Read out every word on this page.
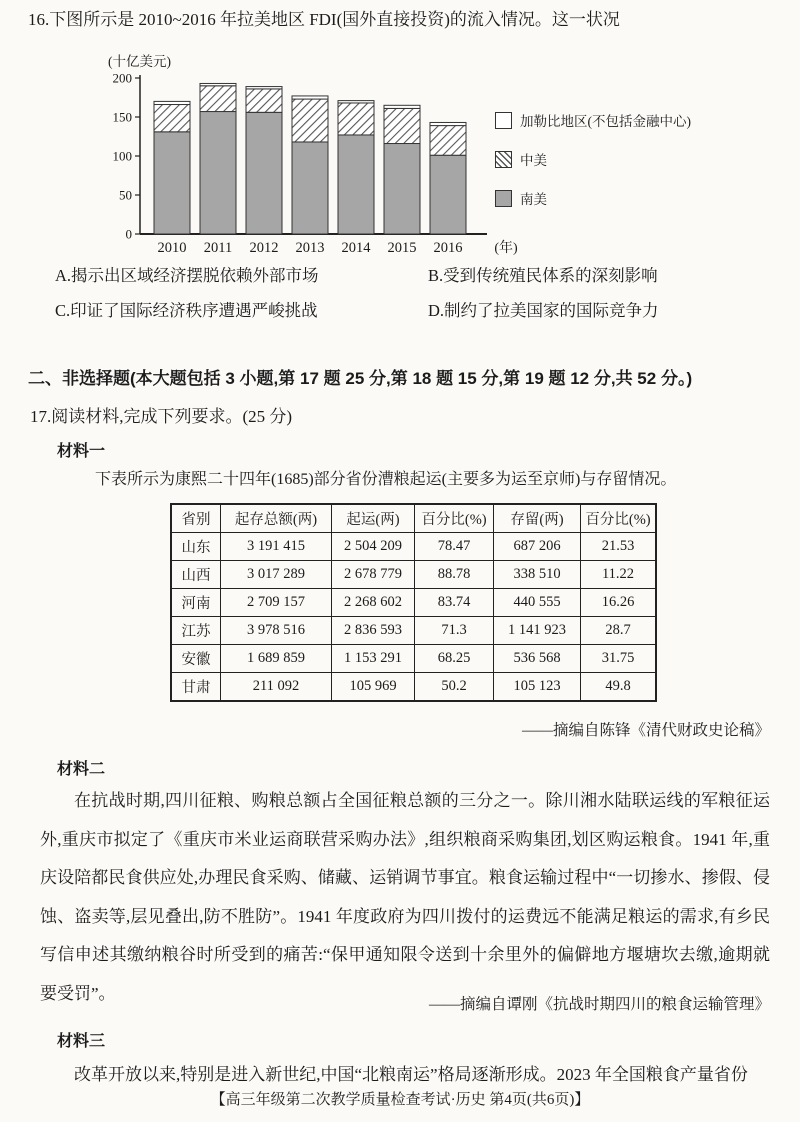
16.下图所示是 2010~2016 年拉美地区 FDI(国外直接投资)的流入情况。这一状况
(十亿美元)
0
50
100
150
200
2010 2011 2012 2013 2014 2015 2016 (年)
加勒比地区(不包括金融中心)
中美
南美
A.揭示出区域经济摆脱依赖外部市场	B.受到传统殖民体系的深刻影响
C.印证了国际经济秩序遭遇严峻挑战	D.制约了拉美国家的国际竞争力
二、非选择题(本大题包括 3 小题,第 17 题 25 分,第 18 题 15 分,第 19 题 12 分,共 52 分。)
17.阅读材料,完成下列要求。(25 分)
材料一
下表所示为康熙二十四年(1685)部分省份漕粮起运(主要多为运至京师)与存留情况。
省别	起存总额(两)	起运(两)	百分比(%)	存留(两)	百分比(%)
山东	3 191 415	2 504 209	78.47	687 206	21.53
山西	3 017 289	2 678 779	88.78	338 510	11.22
河南	2 709 157	2 268 602	83.74	440 555	16.26
江苏	3 978 516	2 836 593	71.3	1 141 923	28.7
安徽	1 689 859	1 153 291	68.25	536 568	31.75
甘肃	211 092	105 969	50.2	105 123	49.8
——摘编自陈锋《清代财政史论稿》
材料二
在抗战时期,四川征粮、购粮总额占全国征粮总额的三分之一。除川湘水陆联运线的军粮征运外,重庆市拟定了《重庆市米业运商联营采购办法》,组织粮商采购集团,划区购运粮食。1941 年,重庆设陪都民食供应处,办理民食采购、储藏、运销调节事宜。粮食运输过程中“一切掺水、掺假、侵蚀、盗卖等,层见叠出,防不胜防”。1941 年度政府为四川拨付的运费远不能满足粮运的需求,有乡民写信申述其缴纳粮谷时所受到的痛苦:“保甲通知限令送到十余里外的偏僻地方堰塘坎去缴,逾期就要受罚”。
——摘编自谭刚《抗战时期四川的粮食运输管理》
材料三
改革开放以来,特别是进入新世纪,中国“北粮南运”格局逐渐形成。2023 年全国粮食产量省份
【高三年级第二次教学质量检查考试·历史 第4页(共6页)】
